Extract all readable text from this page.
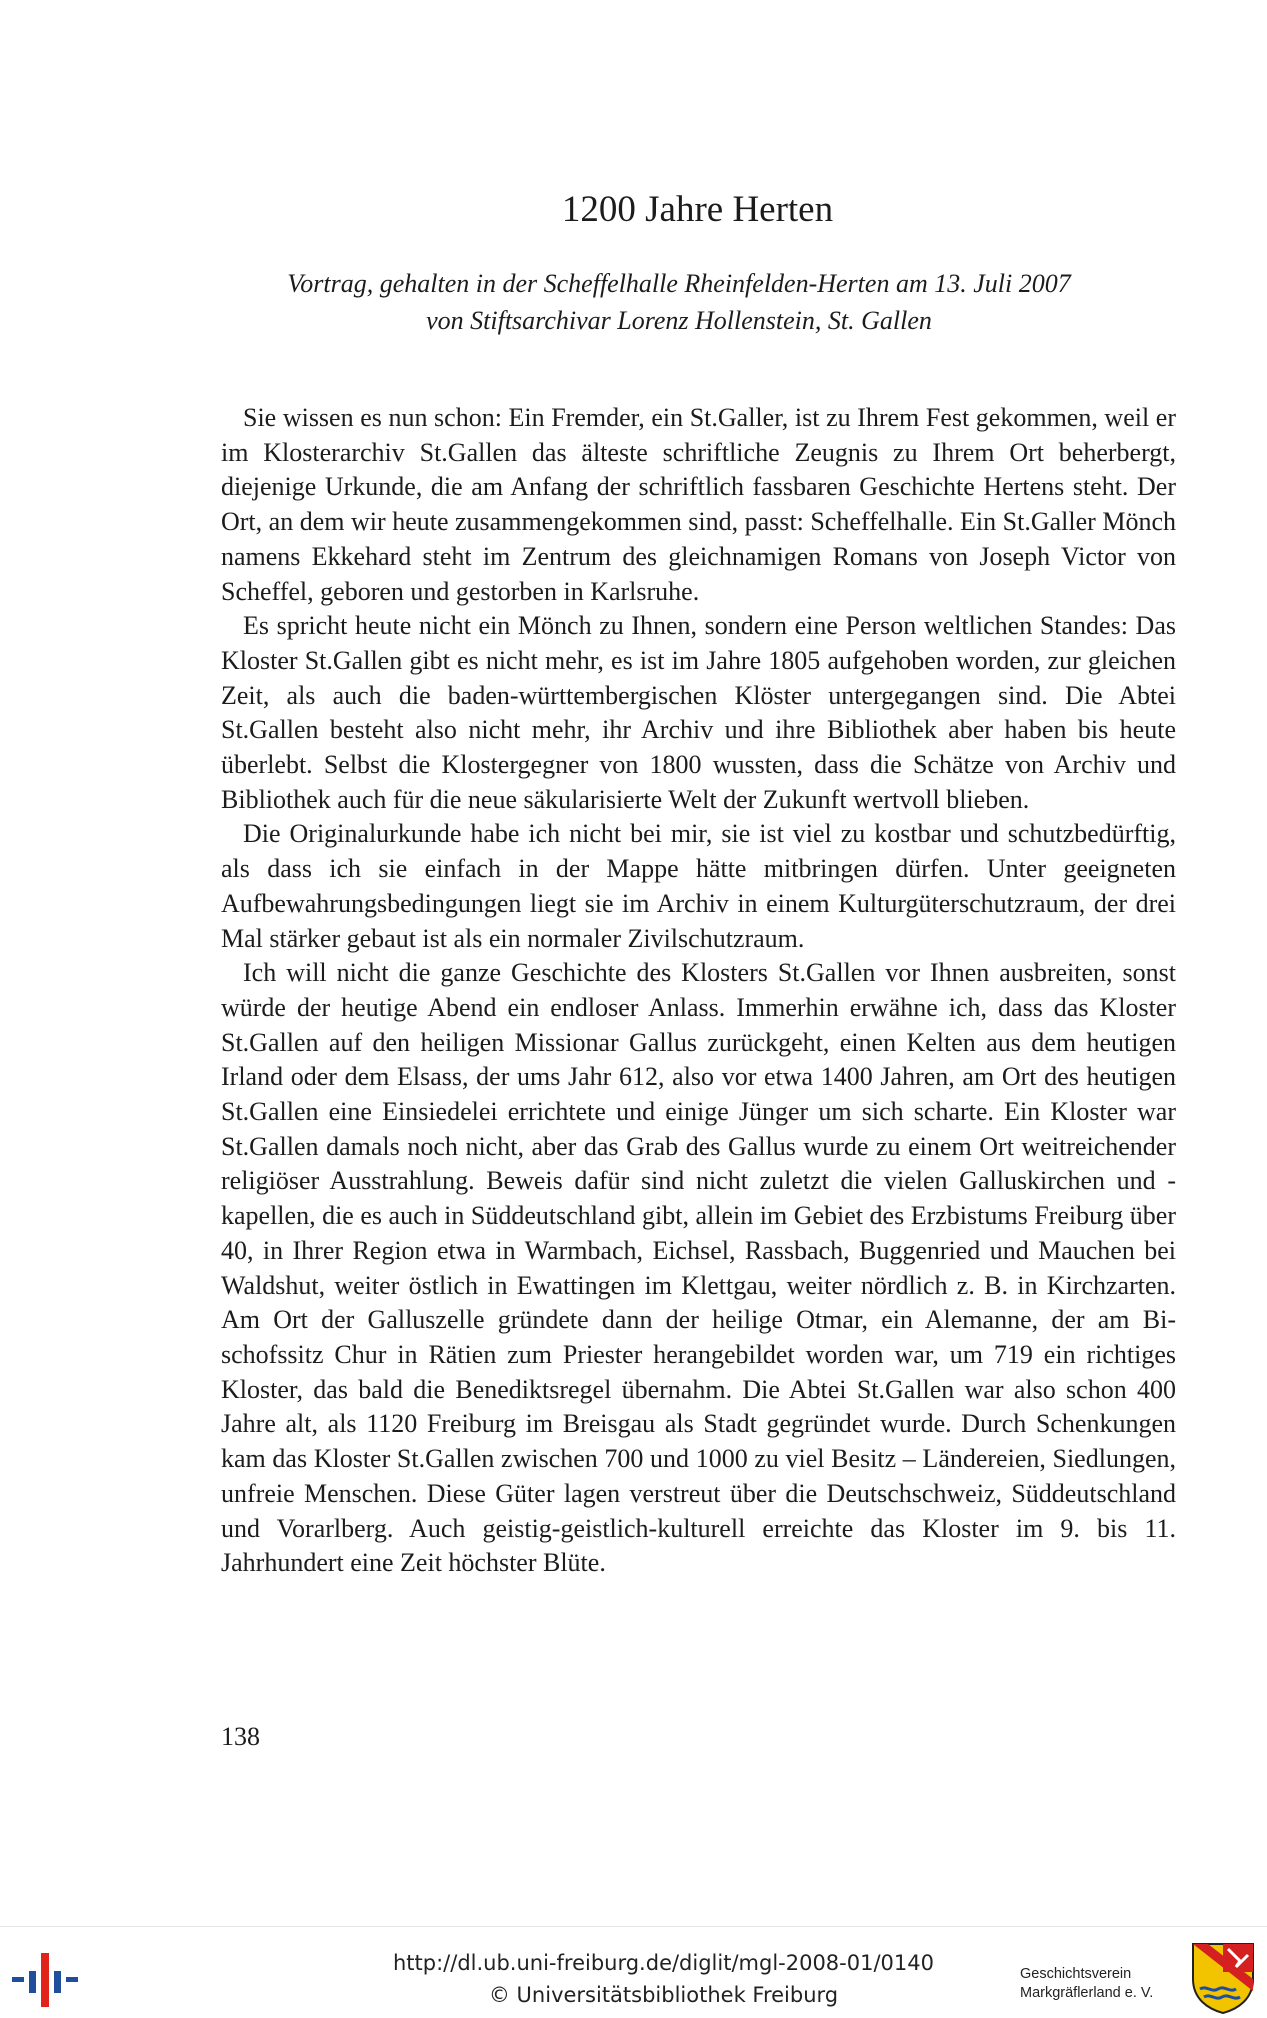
1200 Jahre Herten
Vortrag, gehalten in der Scheffelhalle Rheinfelden-Herten am 13. Juli 2007
von Stiftsarchivar Lorenz Hollenstein, St. Gallen

Sie wissen es nun schon: Ein Fremder, ein St.Galler, ist zu Ihrem Fest gekommen, weil er im Klosterarchiv St.Gallen das älteste schriftliche Zeugnis zu Ihrem Ort beherbergt, diejenige Urkunde, die am Anfang der schriftlich fassbaren Geschichte Hertens steht. Der Ort, an dem wir heute zusammengekommen sind, passt: Scheffelhalle. Ein St.Galler Mönch namens Ekkehard steht im Zentrum des gleichnamigen Romans von Joseph Victor von Scheffel, geboren und gestorben in Karlsruhe.

Es spricht heute nicht ein Mönch zu Ihnen, sondern eine Person weltlichen Standes: Das Kloster St.Gallen gibt es nicht mehr, es ist im Jahre 1805 aufgehoben worden, zur gleichen Zeit, als auch die baden-württembergischen Klöster untergegangen sind. Die Abtei St.Gallen besteht also nicht mehr, ihr Archiv und ihre Bibliothek aber haben bis heute überlebt. Selbst die Klostergegner von 1800 wussten, dass die Schätze von Archiv und Bibliothek auch für die neue säkularisierte Welt der Zukunft wertvoll blieben.

Die Originalurkunde habe ich nicht bei mir, sie ist viel zu kostbar und schutzbedürftig, als dass ich sie einfach in der Mappe hätte mitbringen dürfen. Unter geeigneten Aufbewahrungsbedingungen liegt sie im Archiv in einem Kulturgüterschutzraum, der drei Mal stärker gebaut ist als ein normaler Zivilschutzraum.

Ich will nicht die ganze Geschichte des Klosters St.Gallen vor Ihnen ausbreiten, sonst würde der heutige Abend ein endloser Anlass. Immerhin erwähne ich, dass das Kloster St.Gallen auf den heiligen Missionar Gallus zurückgeht, einen Kelten aus dem heutigen Irland oder dem Elsass, der ums Jahr 612, also vor etwa 1400 Jahren, am Ort des heutigen St.Gallen eine Einsiedelei errichtete und einige Jünger um sich scharte. Ein Kloster war St.Gallen damals noch nicht, aber das Grab des Gallus wurde zu einem Ort weitreichender religiöser Ausstrahlung. Beweis dafür sind nicht zuletzt die vielen Galluskirchen und -kapellen, die es auch in Süddeutschland gibt, allein im Gebiet des Erzbistums Freiburg über 40, in Ihrer Region etwa in Warmbach, Eichsel, Rassbach, Buggenried und Mauchen bei Waldshut, weiter östlich in Ewattingen im Klettgau, weiter nördlich z. B. in Kirchzarten. Am Ort der Galluszelle gründete dann der heilige Otmar, ein Alemanne, der am Bischofssitz Chur in Rätien zum Priester herangebildet worden war, um 719 ein richtiges Kloster, das bald die Benediktsregel übernahm. Die Abtei St.Gallen war also schon 400 Jahre alt, als 1120 Freiburg im Breisgau als Stadt gegründet wurde. Durch Schenkungen kam das Kloster St.Gallen zwischen 700 und 1000 zu viel Besitz – Ländereien, Siedlungen, unfreie Menschen. Diese Güter lagen verstreut über die Deutschschweiz, Süddeutschland und Vorarlberg. Auch geistig-geistlich-kulturell erreichte das Kloster im 9. bis 11. Jahrhundert eine Zeit höchster Blüte.

138
http://dl.ub.uni-freiburg.de/diglit/mgl-2008-01/0140
© Universitätsbibliothek Freiburg
Geschichtsverein
Markgräflerland e. V.
